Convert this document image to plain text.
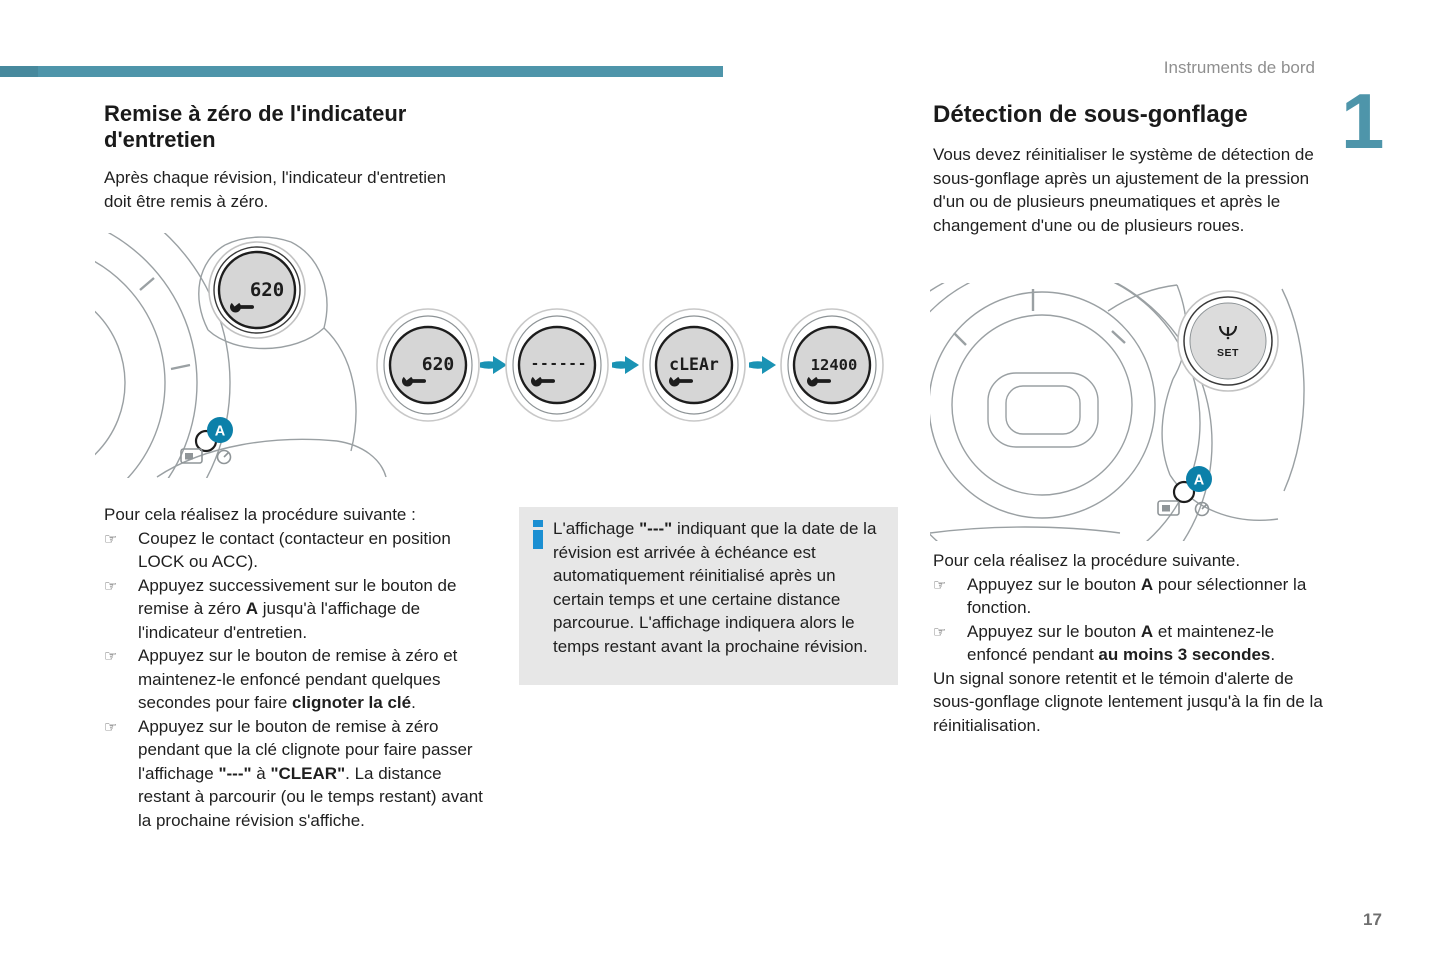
Instruments de bord
1
17
Remise à zéro de l'indicateur d'entretien

Après chaque révision, l'indicateur d'entretien doit être remis à zéro.

620
A
620	------	cLEAr	12400

Pour cela réalisez la procédure suivante :

☞	Coupez le contact (contacteur en position LOCK ou ACC).
☞	Appuyez successivement sur le bouton de remise à zéro A jusqu'à l'affichage de l'indicateur d'entretien.
☞	Appuyez sur le bouton de remise à zéro et maintenez-le enfoncé pendant quelques secondes pour faire clignoter la clé.
☞	Appuyez sur le bouton de remise à zéro pendant que la clé clignote pour faire passer l'affichage "---" à "CLEAR". La distance restant à parcourir (ou le temps restant) avant la prochaine révision s'affiche.
L'affichage "---" indiquant que la date de la révision est arrivée à échéance est automatiquement réinitialisé après un certain temps et une certaine distance parcourue. L'affichage indiquera alors le temps restant avant la prochaine révision.
Détection de sous-gonflage

Vous devez réinitialiser le système de détection de sous-gonflage après un ajustement de la pression d'un ou de plusieurs pneumatiques et après le changement d'une ou de plusieurs roues.

SET
A

Pour cela réalisez la procédure suivante.

☞	Appuyez sur le bouton A pour sélectionner la fonction.
☞	Appuyez sur le bouton A et maintenez-le enfoncé pendant au moins 3 secondes.

Un signal sonore retentit et le témoin d'alerte de sous-gonflage clignote lentement jusqu'à la fin de la réinitialisation.
